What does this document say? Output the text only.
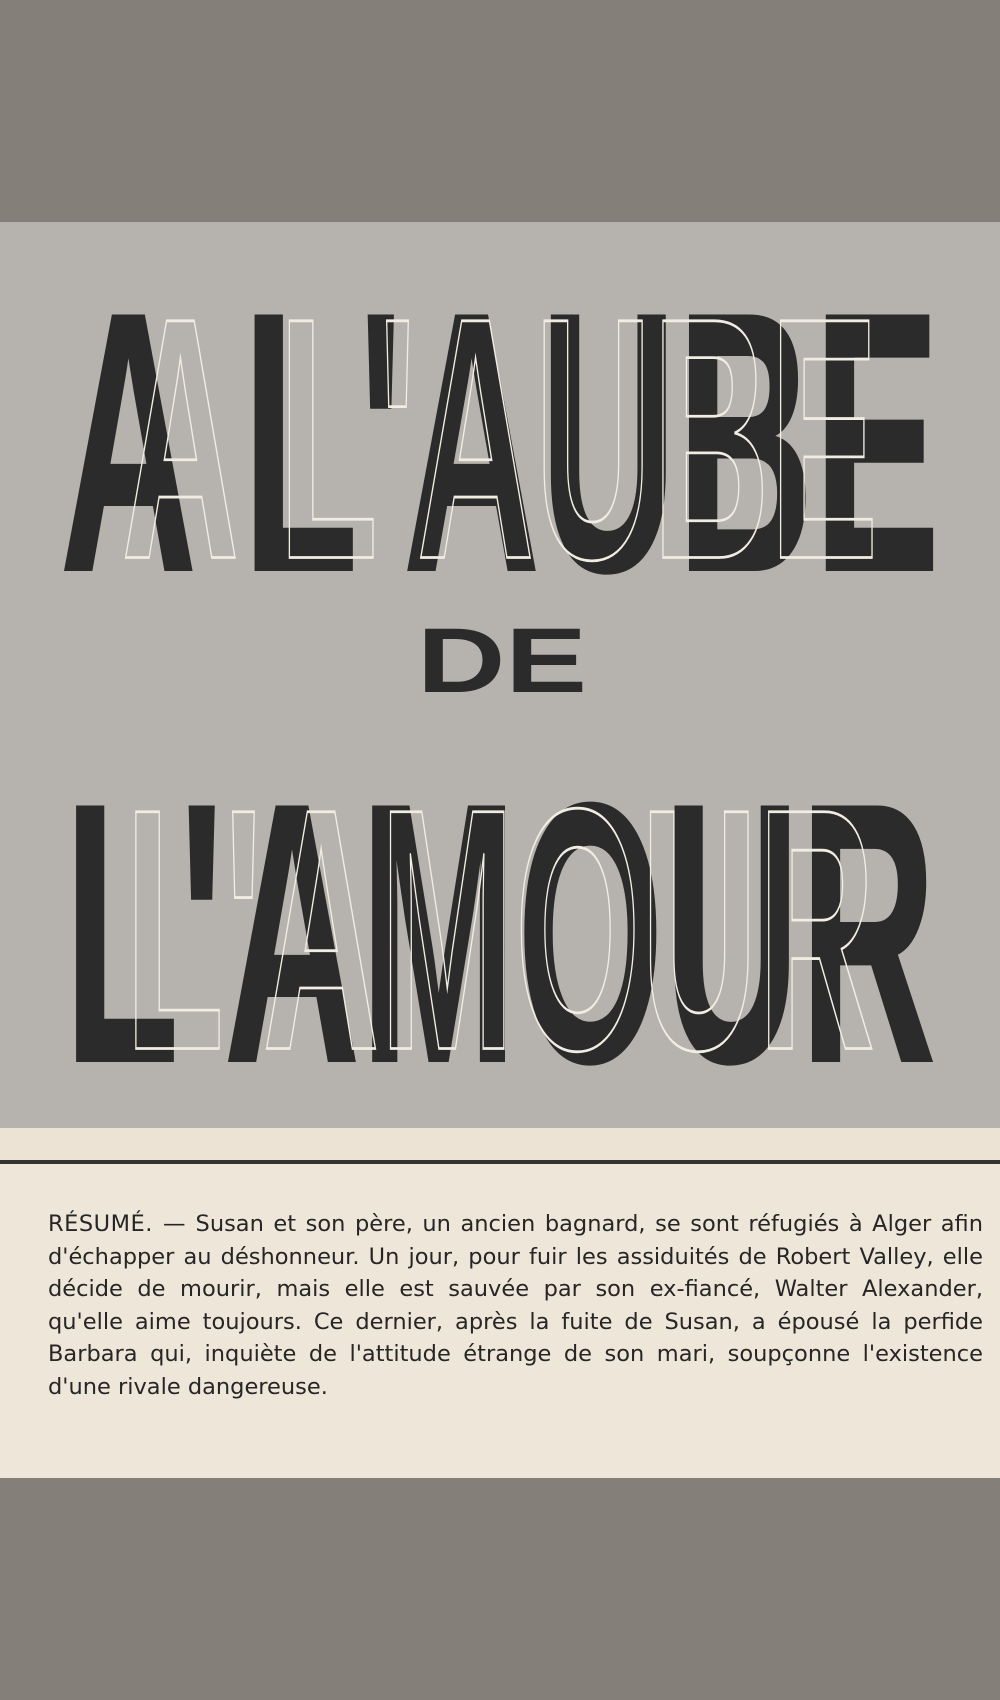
A L'AUBE
A L'AUBE
DE
L'AMOUR
L'AMOUR

RÉSUMÉ. — Susan et son père, un ancien bagnard, se sont réfugiés à Alger afin d'échapper au déshonneur. Un jour, pour fuir les assiduités de Robert Valley, elle décide de mourir, mais elle est sauvée par son ex-fiancé, Walter Alexander, qu'elle aime toujours. Ce dernier, après la fuite de Susan, a épousé la perfide Barbara qui, inquiète de l'attitude étrange de son mari, soupçonne l'existence d'une rivale dangereuse.
